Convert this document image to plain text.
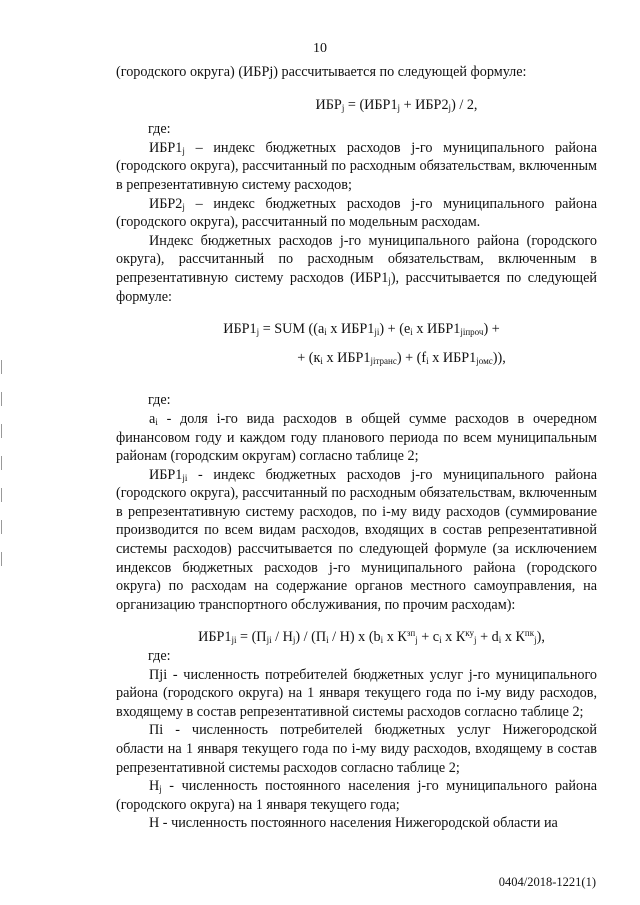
10

(городского округа) (ИБРj) рассчитывается по следующей формуле:

$ИБР_j = (ИБР1_j + ИБР2_j) / 2$,

где:

$ИБР1_j$ – индекс бюджетных расходов j-го муниципального района (городского округа), рассчитанный по расходным обязательствам, включенным в репрезентативную систему расходов;

$ИБР2_j$ – индекс бюджетных расходов j-го муниципального района (городского округа), рассчитанный по модельным расходам.

Индекс бюджетных расходов j-го муниципального района (городского округа), рассчитанный по расходным обязательствам, включенным в репрезентативную систему расходов $(ИБР1_j)$, рассчитывается по следующей формуле:

$ИБР1_j$ = SUM (($a_i$ x $ИБР1_{ji}) + (e_i$ x $ИБР1_{jіпроч}$) +

+ ($к_i$ x $ИБР1_{jітранс}) + (f_i$ x $ИБР1_{jомс}$)),

где:

$a_i$ - доля i-го вида расходов в общей сумме расходов в очередном финансовом году и каждом году планового периода по всем муниципальным районам (городским округам) согласно таблице 2;

$ИБР1_{ji}$ - индекс бюджетных расходов j-го муниципального района (городского округа), рассчитанный по расходным обязательствам, включенным в репрезентативную систему расходов, по i-му виду расходов (суммирование производится по всем видам расходов, входящих в состав репрезентативной системы расходов) рассчитывается по следующей формуле (за исключением индексов бюджетных расходов j-го муниципального района (городского округа) по расходам на содержание органов местного самоуправления, на организацию транспортного обслуживания, по прочим расходам):

$ИБР1_{ji} = (П_{ji} / Н_j) / (П_i / Н)$ x ($b_i$ x $К^{зп}_j + c_i$ x $К^{ку}_j + d_i$ x $К^{пк}_j$),

где:

Пji - численность потребителей бюджетных услуг j-го муниципального района (городского округа) на 1 января текущего года по i-му виду расходов, входящему в состав репрезентативной системы расходов согласно таблице 2;

Пi - численность потребителей бюджетных услуг Нижегородской области на 1 января текущего года по i-му виду расходов, входящему в состав репрезентативной системы расходов согласно таблице 2;

$Н_j$ - численность постоянного населения j-го муниципального района (городского округа) на 1 января текущего года;

Н - численность постоянного населения Нижегородской области иа

0404/2018-1221(1)
